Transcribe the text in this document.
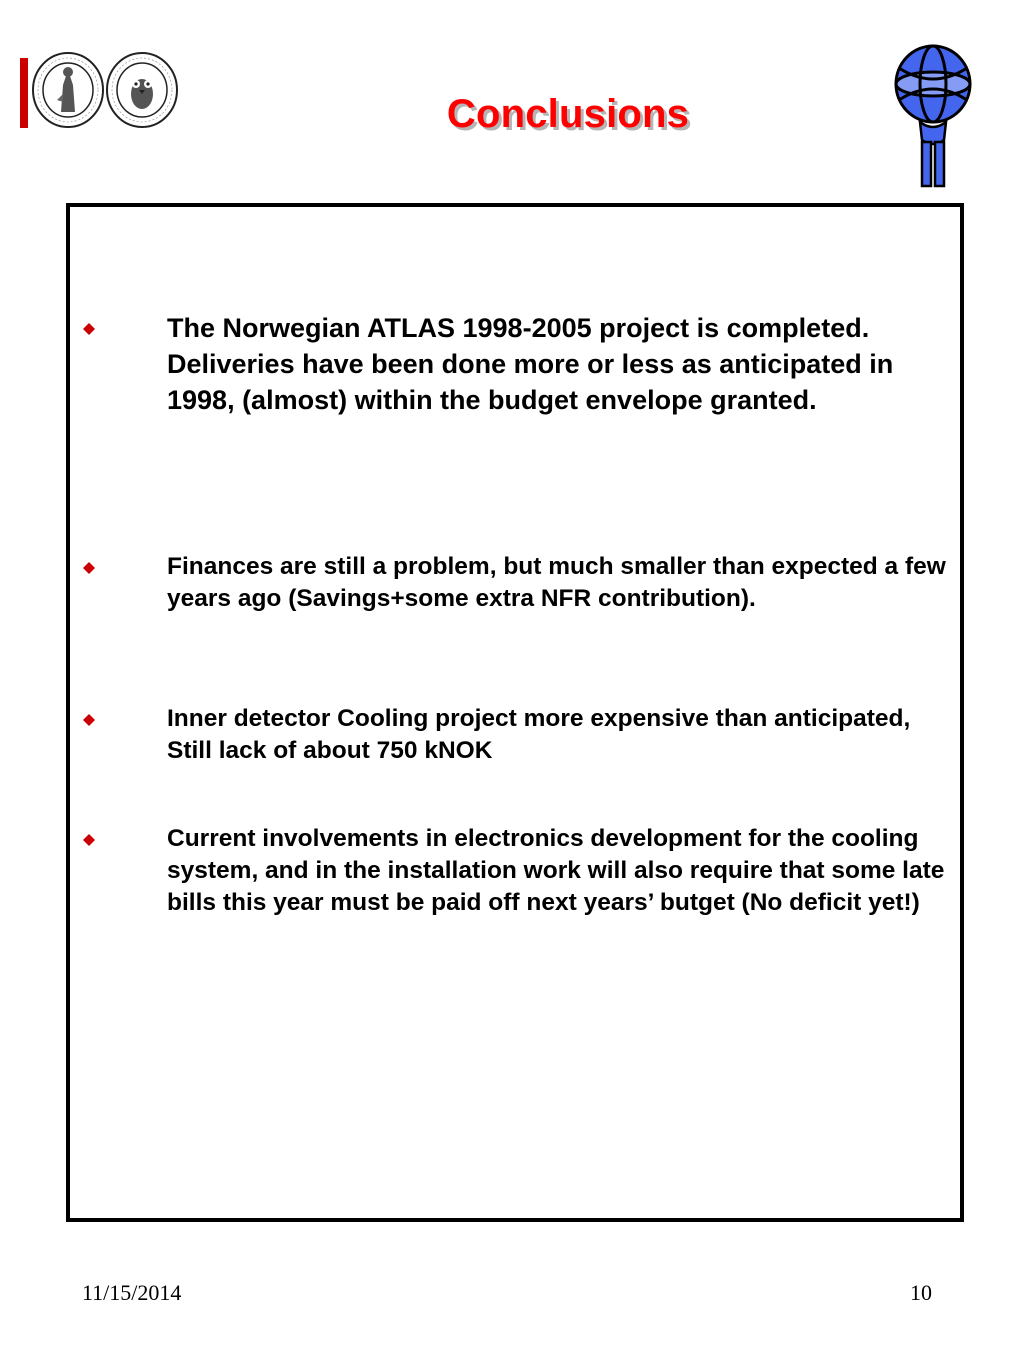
Conclusions

The Norwegian ATLAS 1998-2005 project is completed. Deliveries have been done more or less as anticipated in 1998, (almost) within the budget envelope granted.

Finances are still a problem, but much smaller than expected a few years ago (Savings+some extra NFR contribution).

Inner detector Cooling project more expensive than anticipated, Still lack of about 750 kNOK

Current involvements in electronics development for the cooling system, and in the installation work will also require that some late bills this year must be paid off next years’ butget (No deficit yet!)

11/15/2014	10
